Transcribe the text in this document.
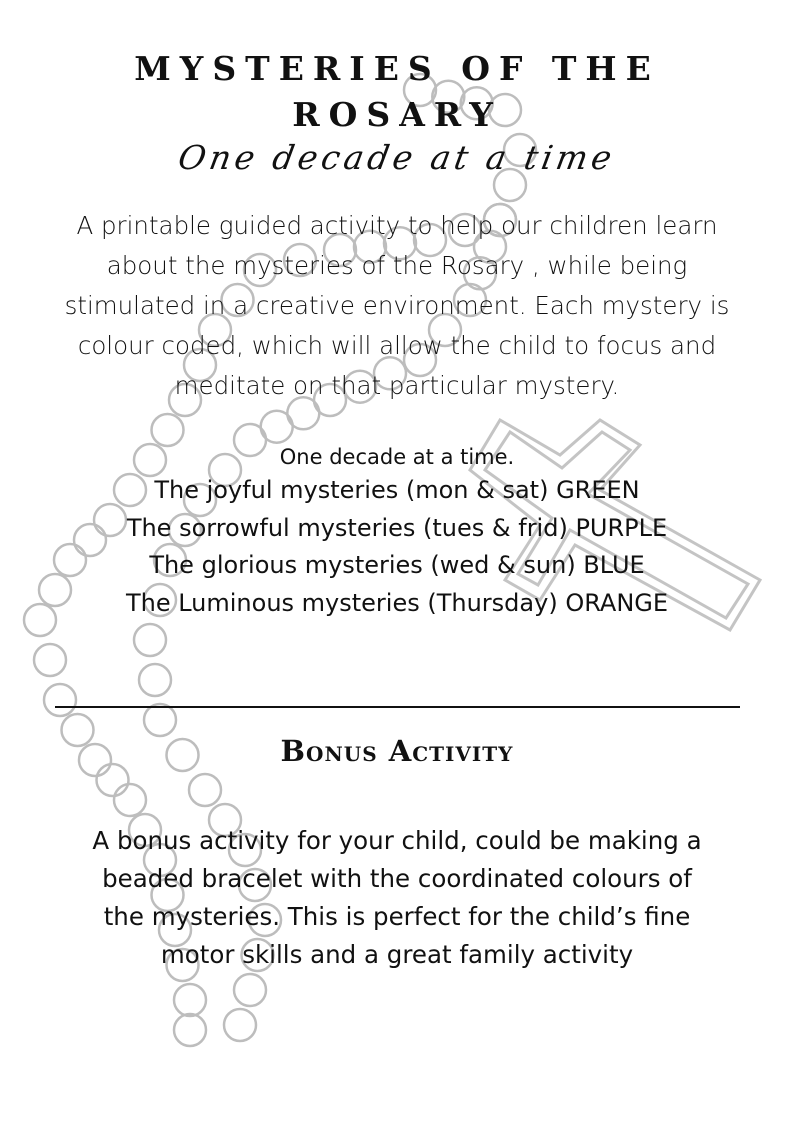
MYSTERIES OF THE ROSARY
One decade at a time

A printable guided activity to help our children learn about the mysteries of the Rosary , while being stimulated in a creative environment. Each mystery is colour coded, which will allow the child to focus and meditate on that particular mystery.

One decade at a time.

The joyful mysteries (mon & sat) GREEN
The sorrowful mysteries (tues & frid) PURPLE
The glorious mysteries (wed & sun) BLUE
The Luminous mysteries (Thursday) ORANGE
Bonus Activity

A bonus activity for your child, could be making a beaded bracelet with the coordinated colours of the mysteries. This is perfect for the child’s fine motor skills and a great family activity
